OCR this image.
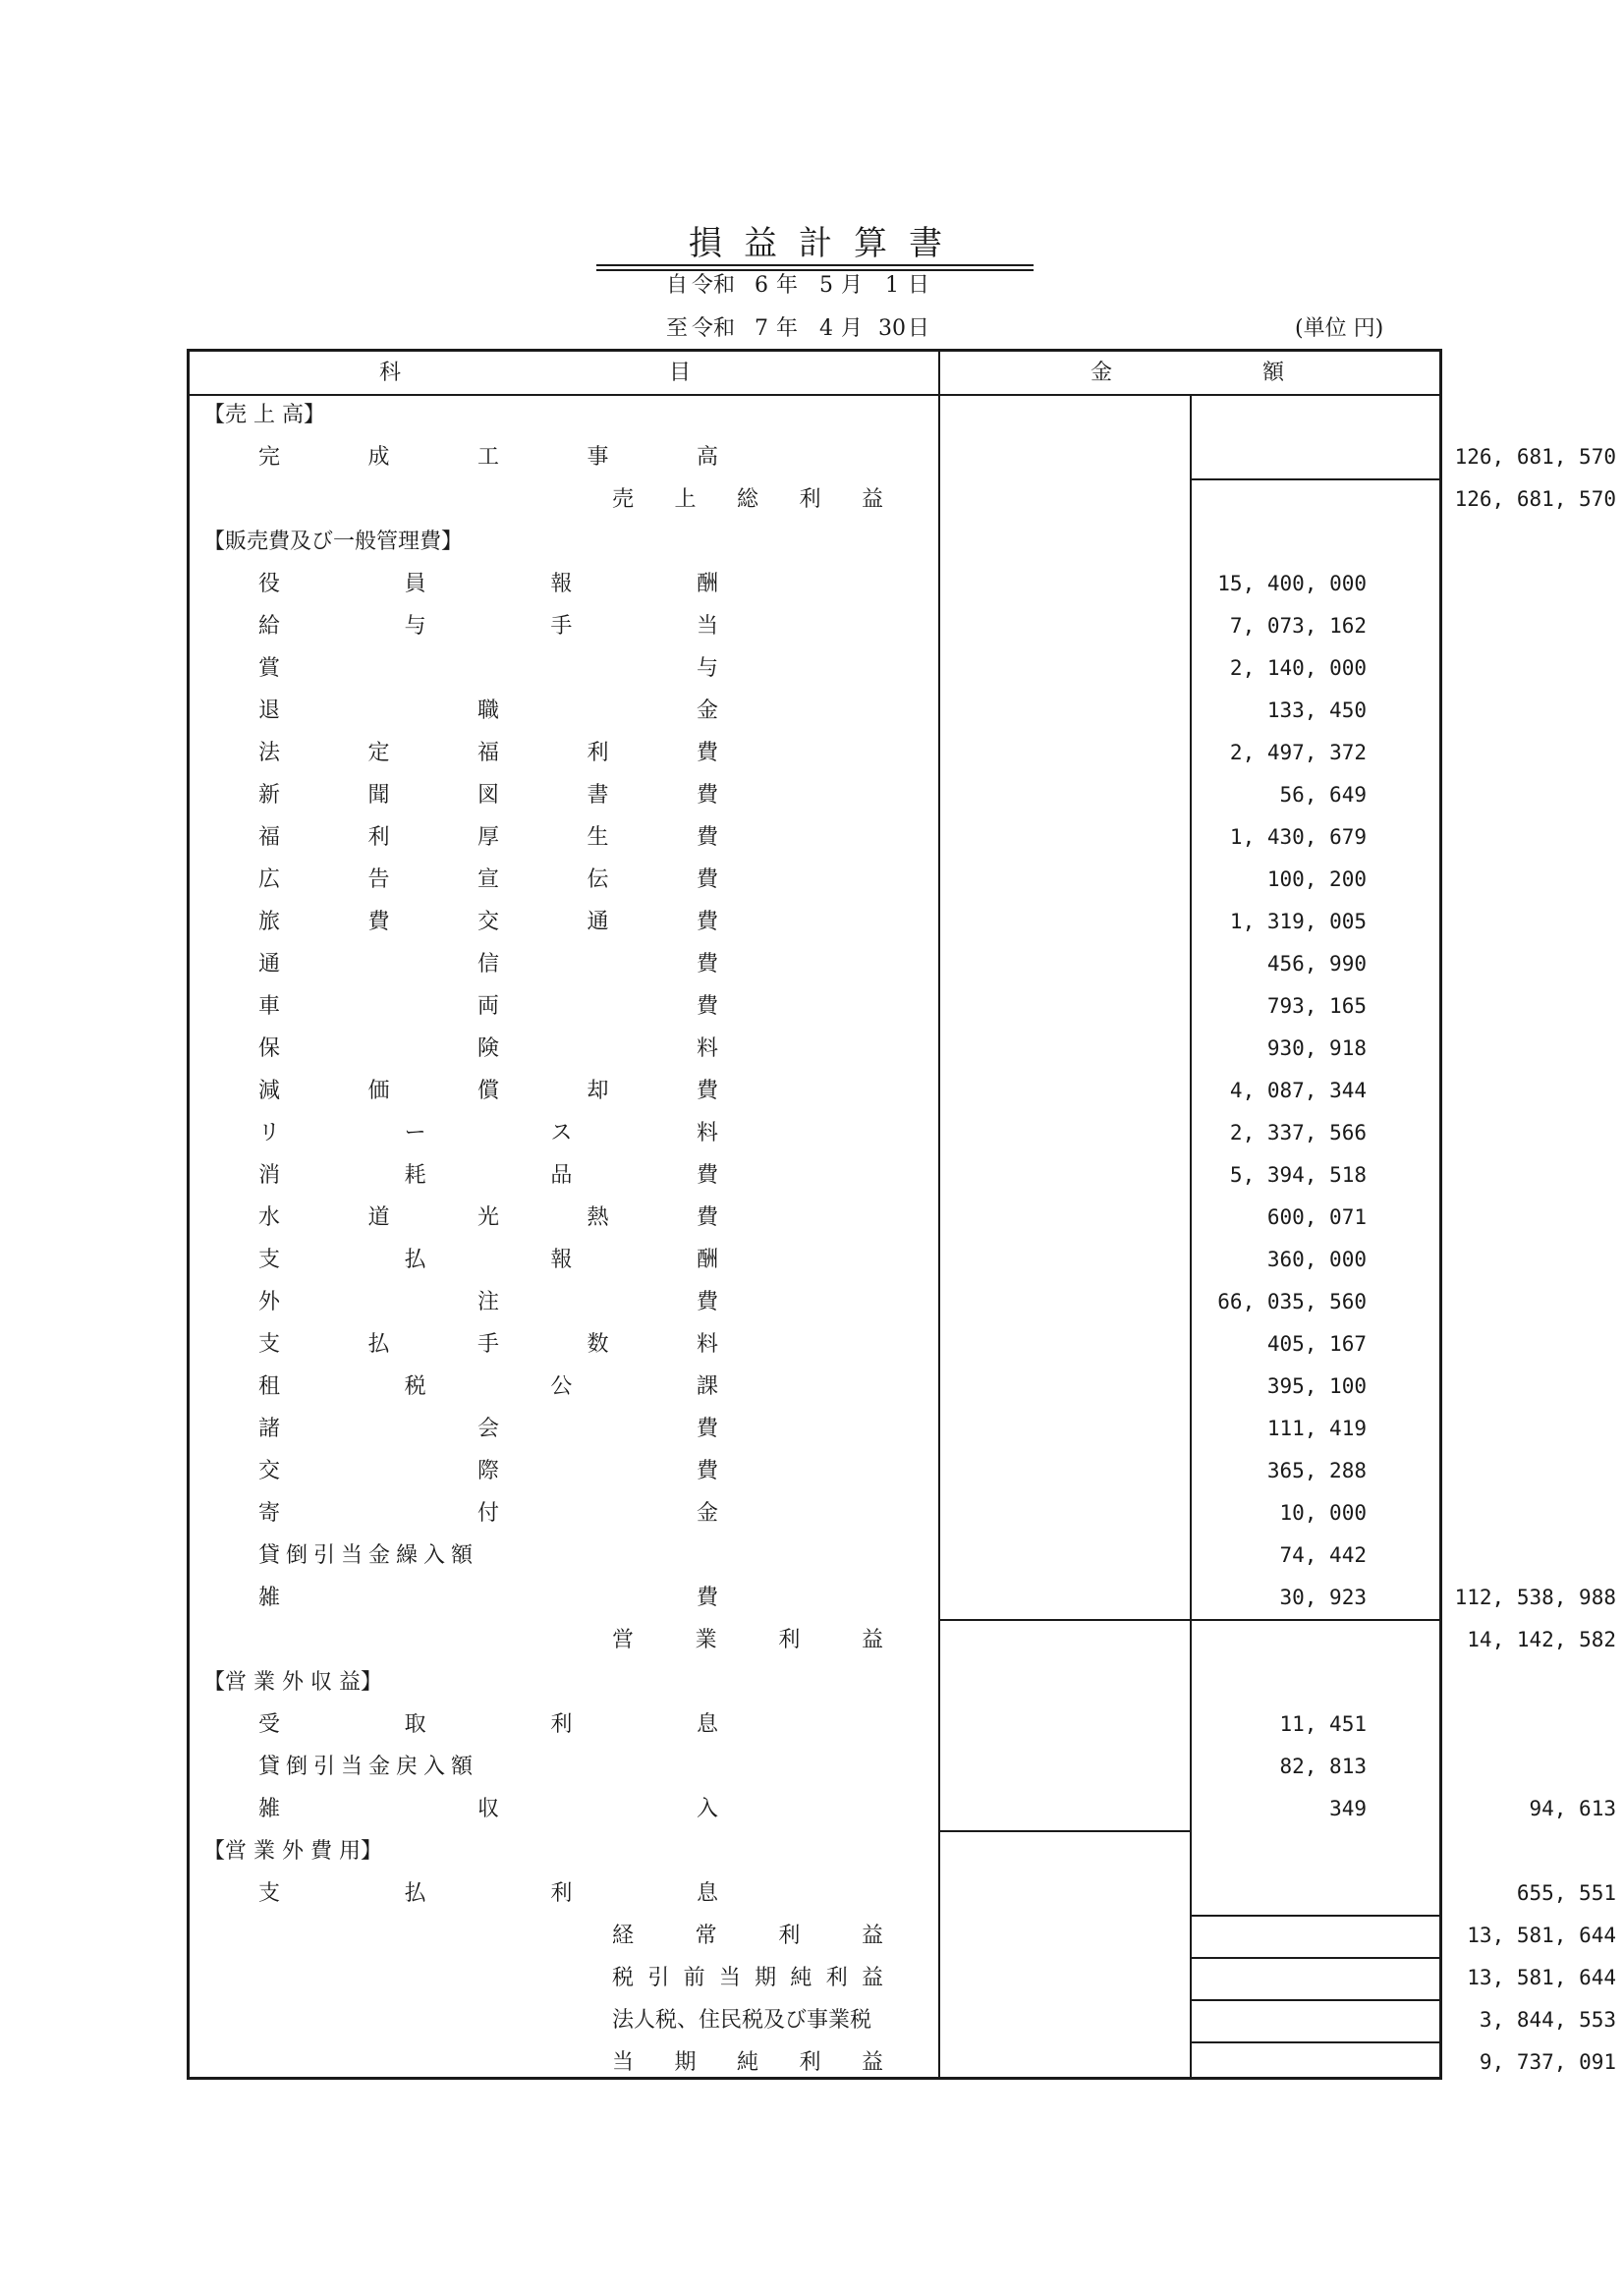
損益計算書
自 令和 6 年 5 月	1 日
至 令和 7 年 4 月 30 日	(単位 円)
科	目	金	額
【売 上 高】
完	成	工	事	高	126, 681, 570
売 上 総 利 益	126, 681, 570
【販売費及び一般管理費】
役	員	報	酬	15, 400, 000
給	与	手	当	7, 073, 162
賞	与	2, 140, 000
退	職	金	133, 450
法	定	福	利	費	2, 497, 372
新	聞	図	書	費	56, 649
福	利	厚	生	費	1, 430, 679
広	告	宣	伝	費	100, 200
旅	費	交	通	費	1, 319, 005
通	信	費	456, 990
車	両	費	793, 165
保	険	料	930, 918
減	価	償	却	費	4, 087, 344
リ	ー	ス	料	2, 337, 566
消	耗	品	費	5, 394, 518
水	道	光	熱	費	600, 071
支	払	報	酬	360, 000
外	注	費	66, 035, 560
支	払	手	数	料	405, 167
租	税	公	課	395, 100
諸	会	費	111, 419
交	際	費	365, 288
寄	付	金	10, 000
貸倒引当金繰入額	74, 442
雑	費	30, 923	112, 538, 988
営	業	利	益	14, 142, 582
【営 業 外 収 益】
受	取	利	息	11, 451
貸倒引当金戻入額	82, 813
雑	収	入	349	94, 613
【営 業 外 費 用】
支	払	利	息	655, 551
経	常	利	益	13, 581, 644
税 引 前 当 期 純 利 益	13, 581, 644
法人税、住民税及び事業税	3, 844, 553
当 期 純 利 益	9, 737, 091
